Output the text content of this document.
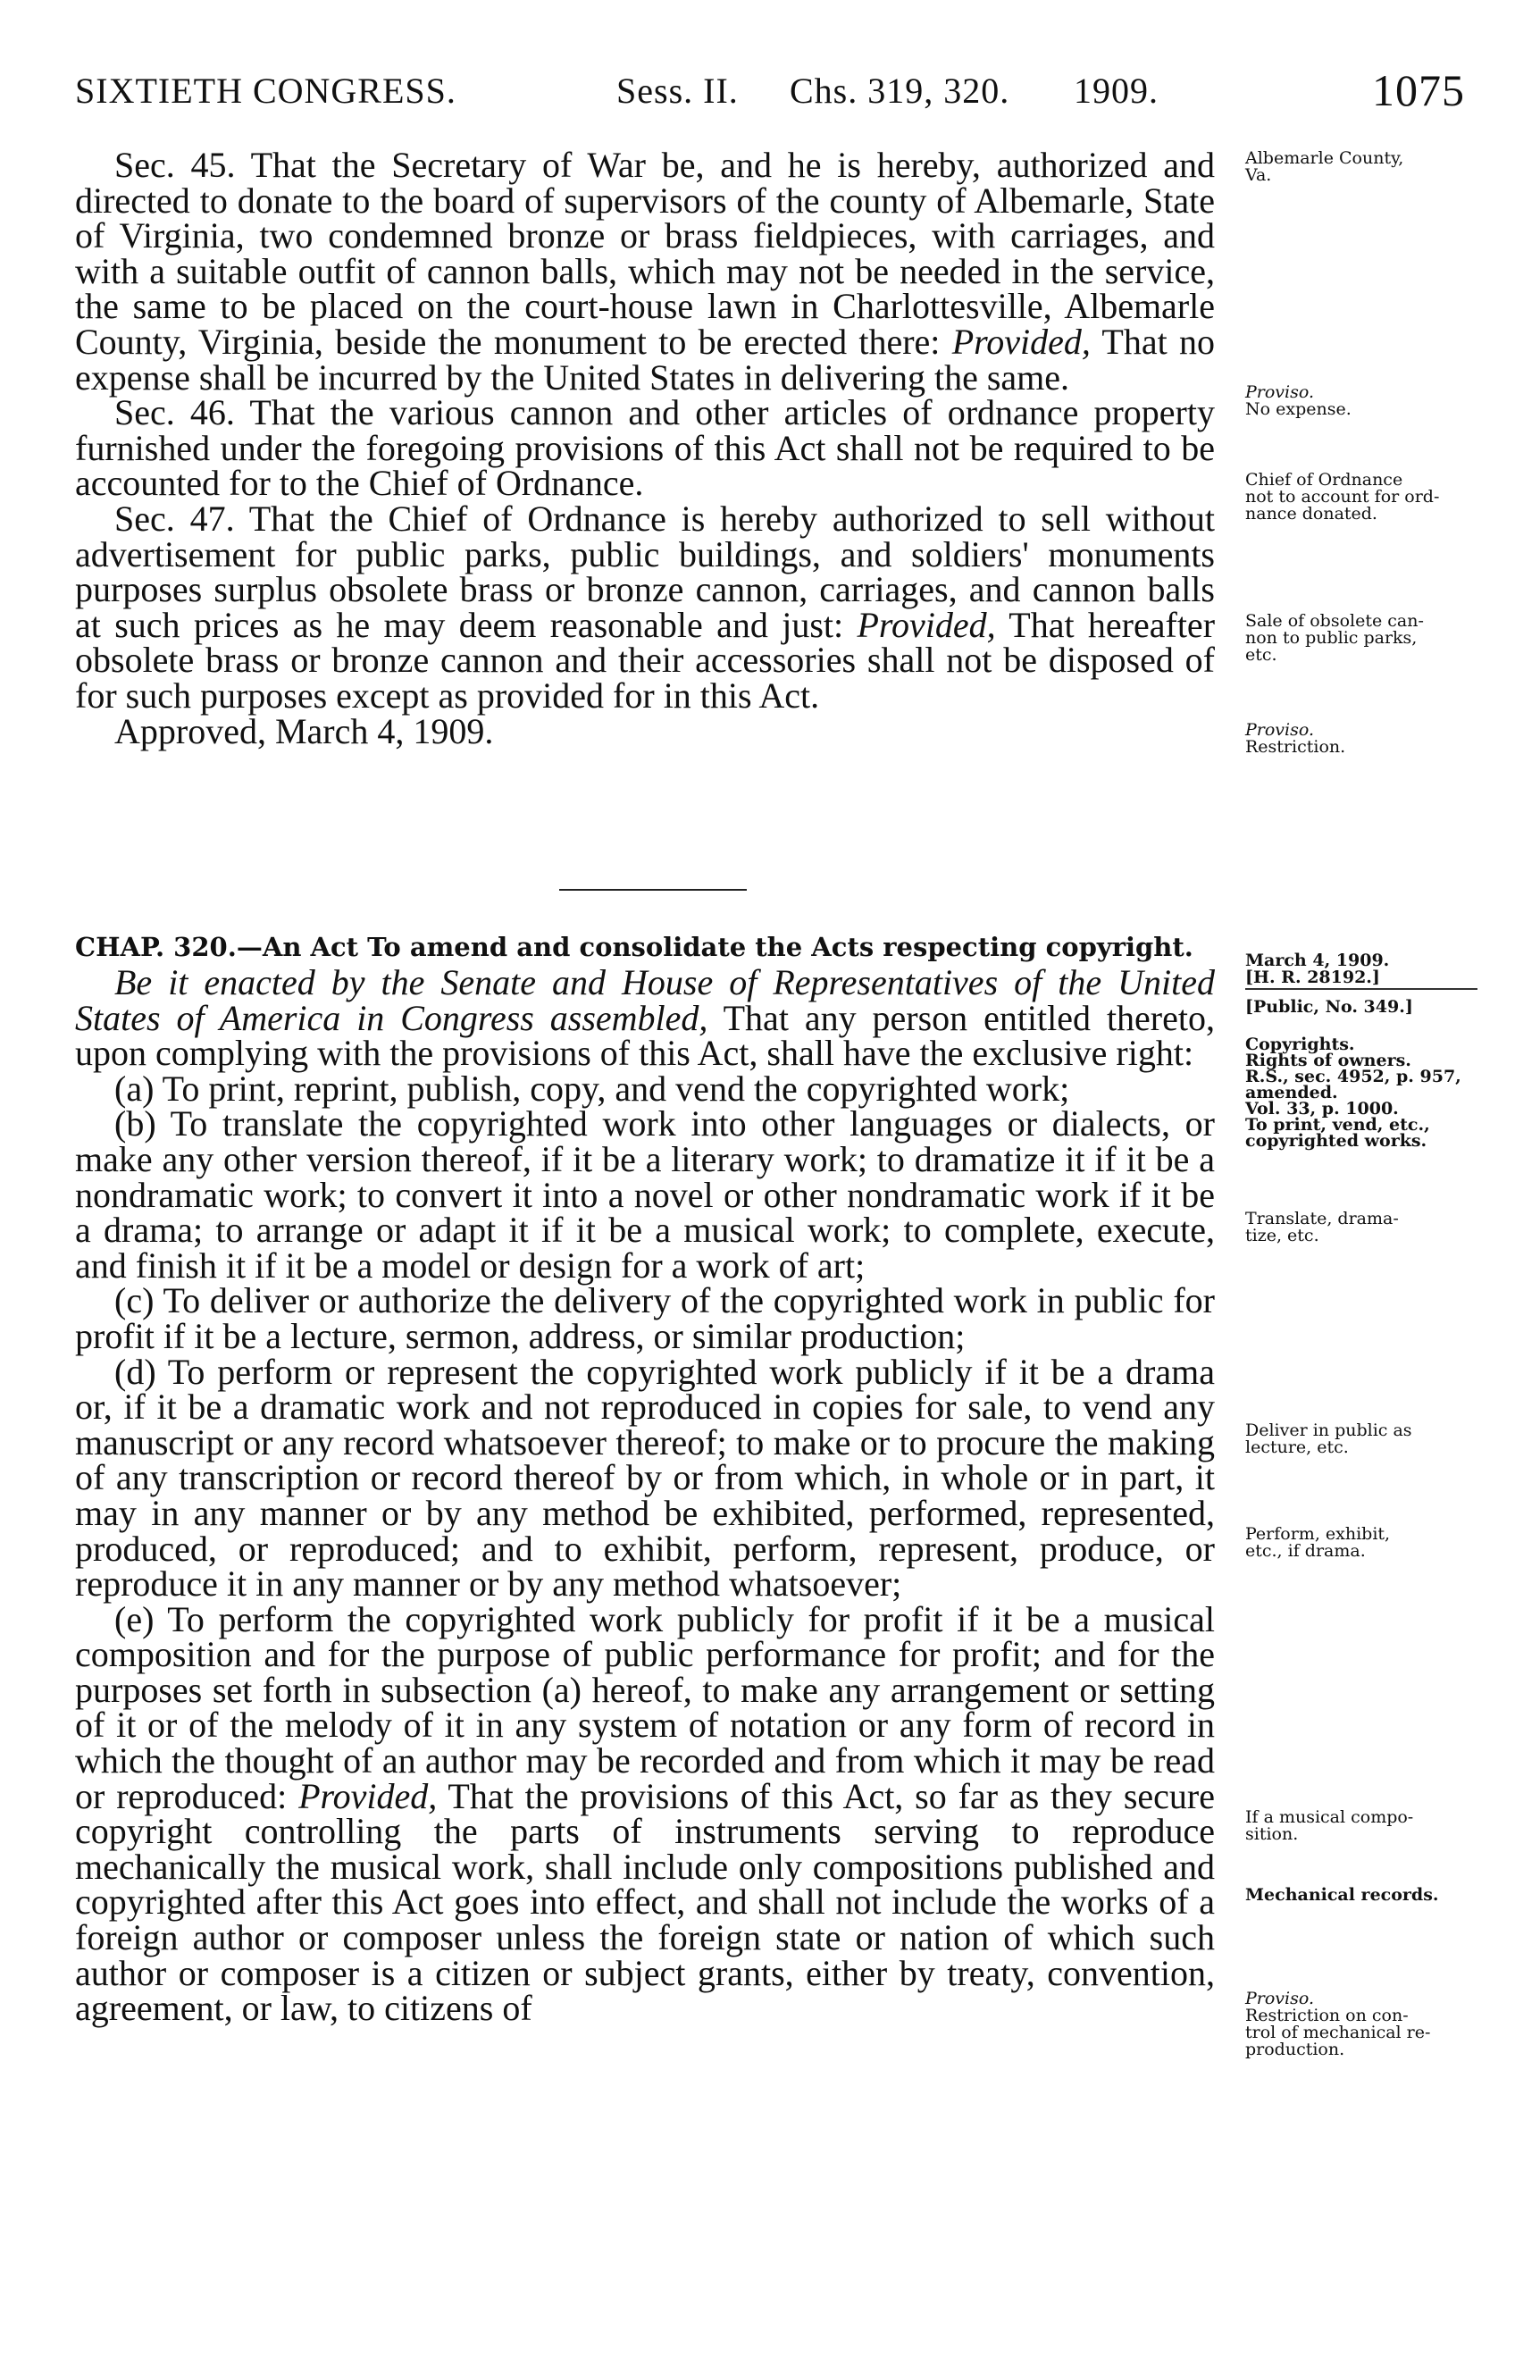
SIXTIETH CONGRESS.	Sess. II. Chs. 319, 320. 1909.	1075

Sec. 45. That the Secretary of War be, and he is hereby, authorized and directed to donate to the board of supervisors of the county of Albemarle, State of Virginia, two condemned bronze or brass fieldpieces, with carriages, and with a suitable outfit of cannon balls, which may not be needed in the service, the same to be placed on the court-house lawn in Charlottesville, Albemarle County, Virginia, beside the monument to be erected there: Provided, That no expense shall be incurred by the United States in delivering the same.

Sec. 46. That the various cannon and other articles of ordnance property furnished under the foregoing provisions of this Act shall not be required to be accounted for to the Chief of Ordnance.

Sec. 47. That the Chief of Ordnance is hereby authorized to sell without advertisement for public parks, public buildings, and soldiers' monuments purposes surplus obsolete brass or bronze cannon, carriages, and cannon balls at such prices as he may deem reasonable and just: Provided, That hereafter obsolete brass or bronze cannon and their accessories shall not be disposed of for such purposes except as provided for in this Act.

Approved, March 4, 1909.

CHAP. 320.—An Act To amend and consolidate the Acts respecting copyright.

Be it enacted by the Senate and House of Representatives of the United States of America in Congress assembled, That any person entitled thereto, upon complying with the provisions of this Act, shall have the exclusive right:

(a) To print, reprint, publish, copy, and vend the copyrighted work;

(b) To translate the copyrighted work into other languages or dialects, or make any other version thereof, if it be a literary work; to dramatize it if it be a nondramatic work; to convert it into a novel or other nondramatic work if it be a drama; to arrange or adapt it if it be a musical work; to complete, execute, and finish it if it be a model or design for a work of art;

(c) To deliver or authorize the delivery of the copyrighted work in public for profit if it be a lecture, sermon, address, or similar production;

(d) To perform or represent the copyrighted work publicly if it be a drama or, if it be a dramatic work and not reproduced in copies for sale, to vend any manuscript or any record whatsoever thereof; to make or to procure the making of any transcription or record thereof by or from which, in whole or in part, it may in any manner or by any method be exhibited, performed, represented, produced, or reproduced; and to exhibit, perform, represent, produce, or reproduce it in any manner or by any method whatsoever;

(e) To perform the copyrighted work publicly for profit if it be a musical composition and for the purpose of public performance for profit; and for the purposes set forth in subsection (a) hereof, to make any arrangement or setting of it or of the melody of it in any system of notation or any form of record in which the thought of an author may be recorded and from which it may be read or reproduced: Provided, That the provisions of this Act, so far as they secure copyright controlling the parts of instruments serving to reproduce mechanically the musical work, shall include only compositions published and copyrighted after this Act goes into effect, and shall not include the works of a foreign author or composer unless the foreign state or nation of which such author or composer is a citizen or subject grants, either by treaty, convention, agreement, or law, to citizens of

Albemarle County,
Va.
Proviso.
No expense.
Chief of Ordnance
not to account for ord-
nance donated.
Sale of obsolete can-
non to public parks,
etc.
Proviso.
Restriction.
March 4, 1909.
[H. R. 28192.]
[Public, No. 349.]
Copyrights.
Rights of owners.
R.S., sec. 4952, p. 957,
amended.
Vol. 33, p. 1000.
To print, vend, etc.,
copyrighted works.
Translate, drama-
tize, etc.
Deliver in public as
lecture, etc.
Perform, exhibit,
etc., if drama.
If a musical compo-
sition.
Mechanical records.
Proviso.
Restriction on con-
trol of mechanical re-
production.
